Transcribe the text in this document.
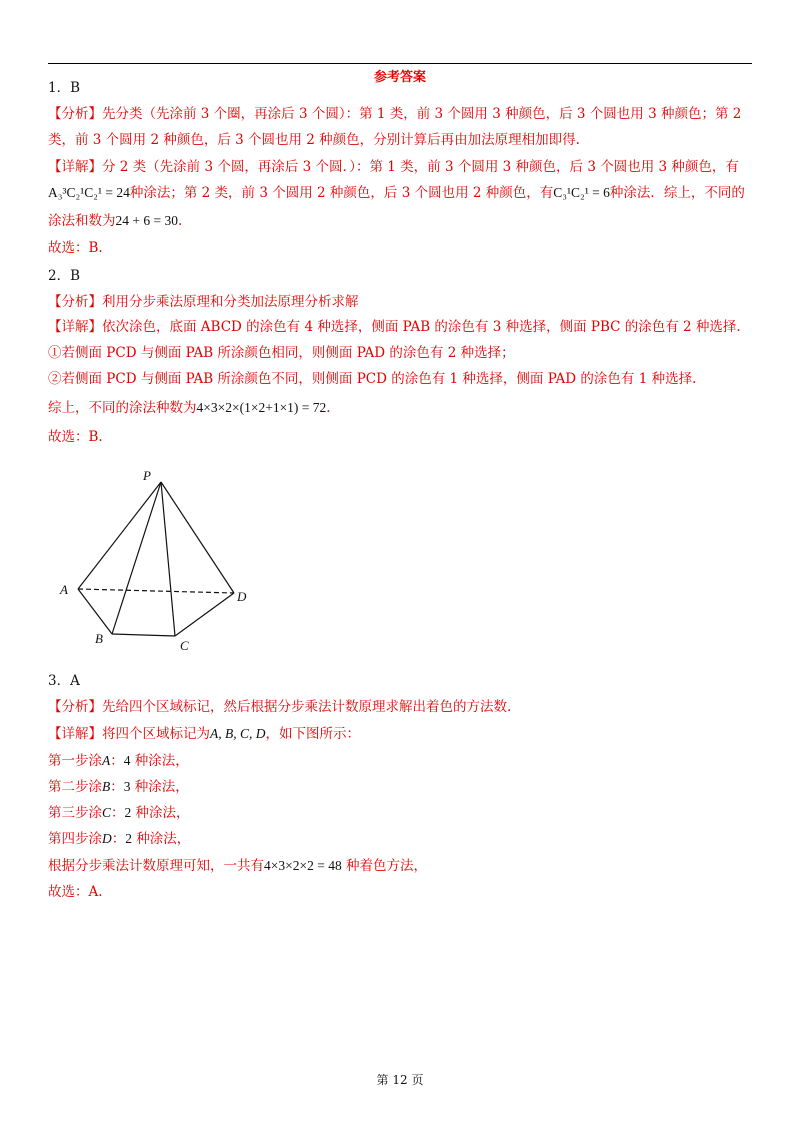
参考答案
1．B
【分析】先分类（先涂前 3 个圈，再涂后 3 个圆）：第 1 类，前 3 个圆用 3 种颜色，后 3 个圆也用 3 种颜色；第 2
类，前 3 个圆用 2 种颜色，后 3 个圆也用 2 种颜色，分别计算后再由加法原理相加即得.
【详解】分 2 类（先涂前 3 个圆，再涂后 3 个圆．）：第 1 类，前 3 个圆用 3 种颜色，后 3 个圆也用 3 种颜色，有
A₃³C₂¹C₂¹ = 24种涂法；第 2 类，前 3 个圆用 2 种颜色，后 3 个圆也用 2 种颜色，有C₃¹C₂¹ = 6种涂法．综上，不同的
涂法和数为24 + 6 = 30.
故选：B.
2．B
【分析】利用分步乘法原理和分类加法原理分析求解
【详解】依次涂色，底面 ABCD 的涂色有 4 种选择，侧面 PAB 的涂色有 3 种选择，侧面 PBC 的涂色有 2 种选择.
①若侧面 PCD 与侧面 PAB 所涂颜色相同，则侧面 PAD 的涂色有 2 种选择；
②若侧面 PCD 与侧面 PAB 所涂颜色不同，则侧面 PCD 的涂色有 1 种选择，侧面 PAD 的涂色有 1 种选择.
综上，不同的涂法种数为4×3×2×(1×2+1×1) = 72.
故选：B.
P
A
B	C
D
3．A
【分析】先给四个区域标记，然后根据分步乘法计数原理求解出着色的方法数.
【详解】将四个区域标记为A, B, C, D，如下图所示：
第一步涂A：4 种涂法，
第二步涂B：3 种涂法，
第三步涂C：2 种涂法，
第四步涂D：2 种涂法，
根据分步乘法计数原理可知，一共有4×3×2×2 = 48 种着色方法，
故选：A.
第 12 页
